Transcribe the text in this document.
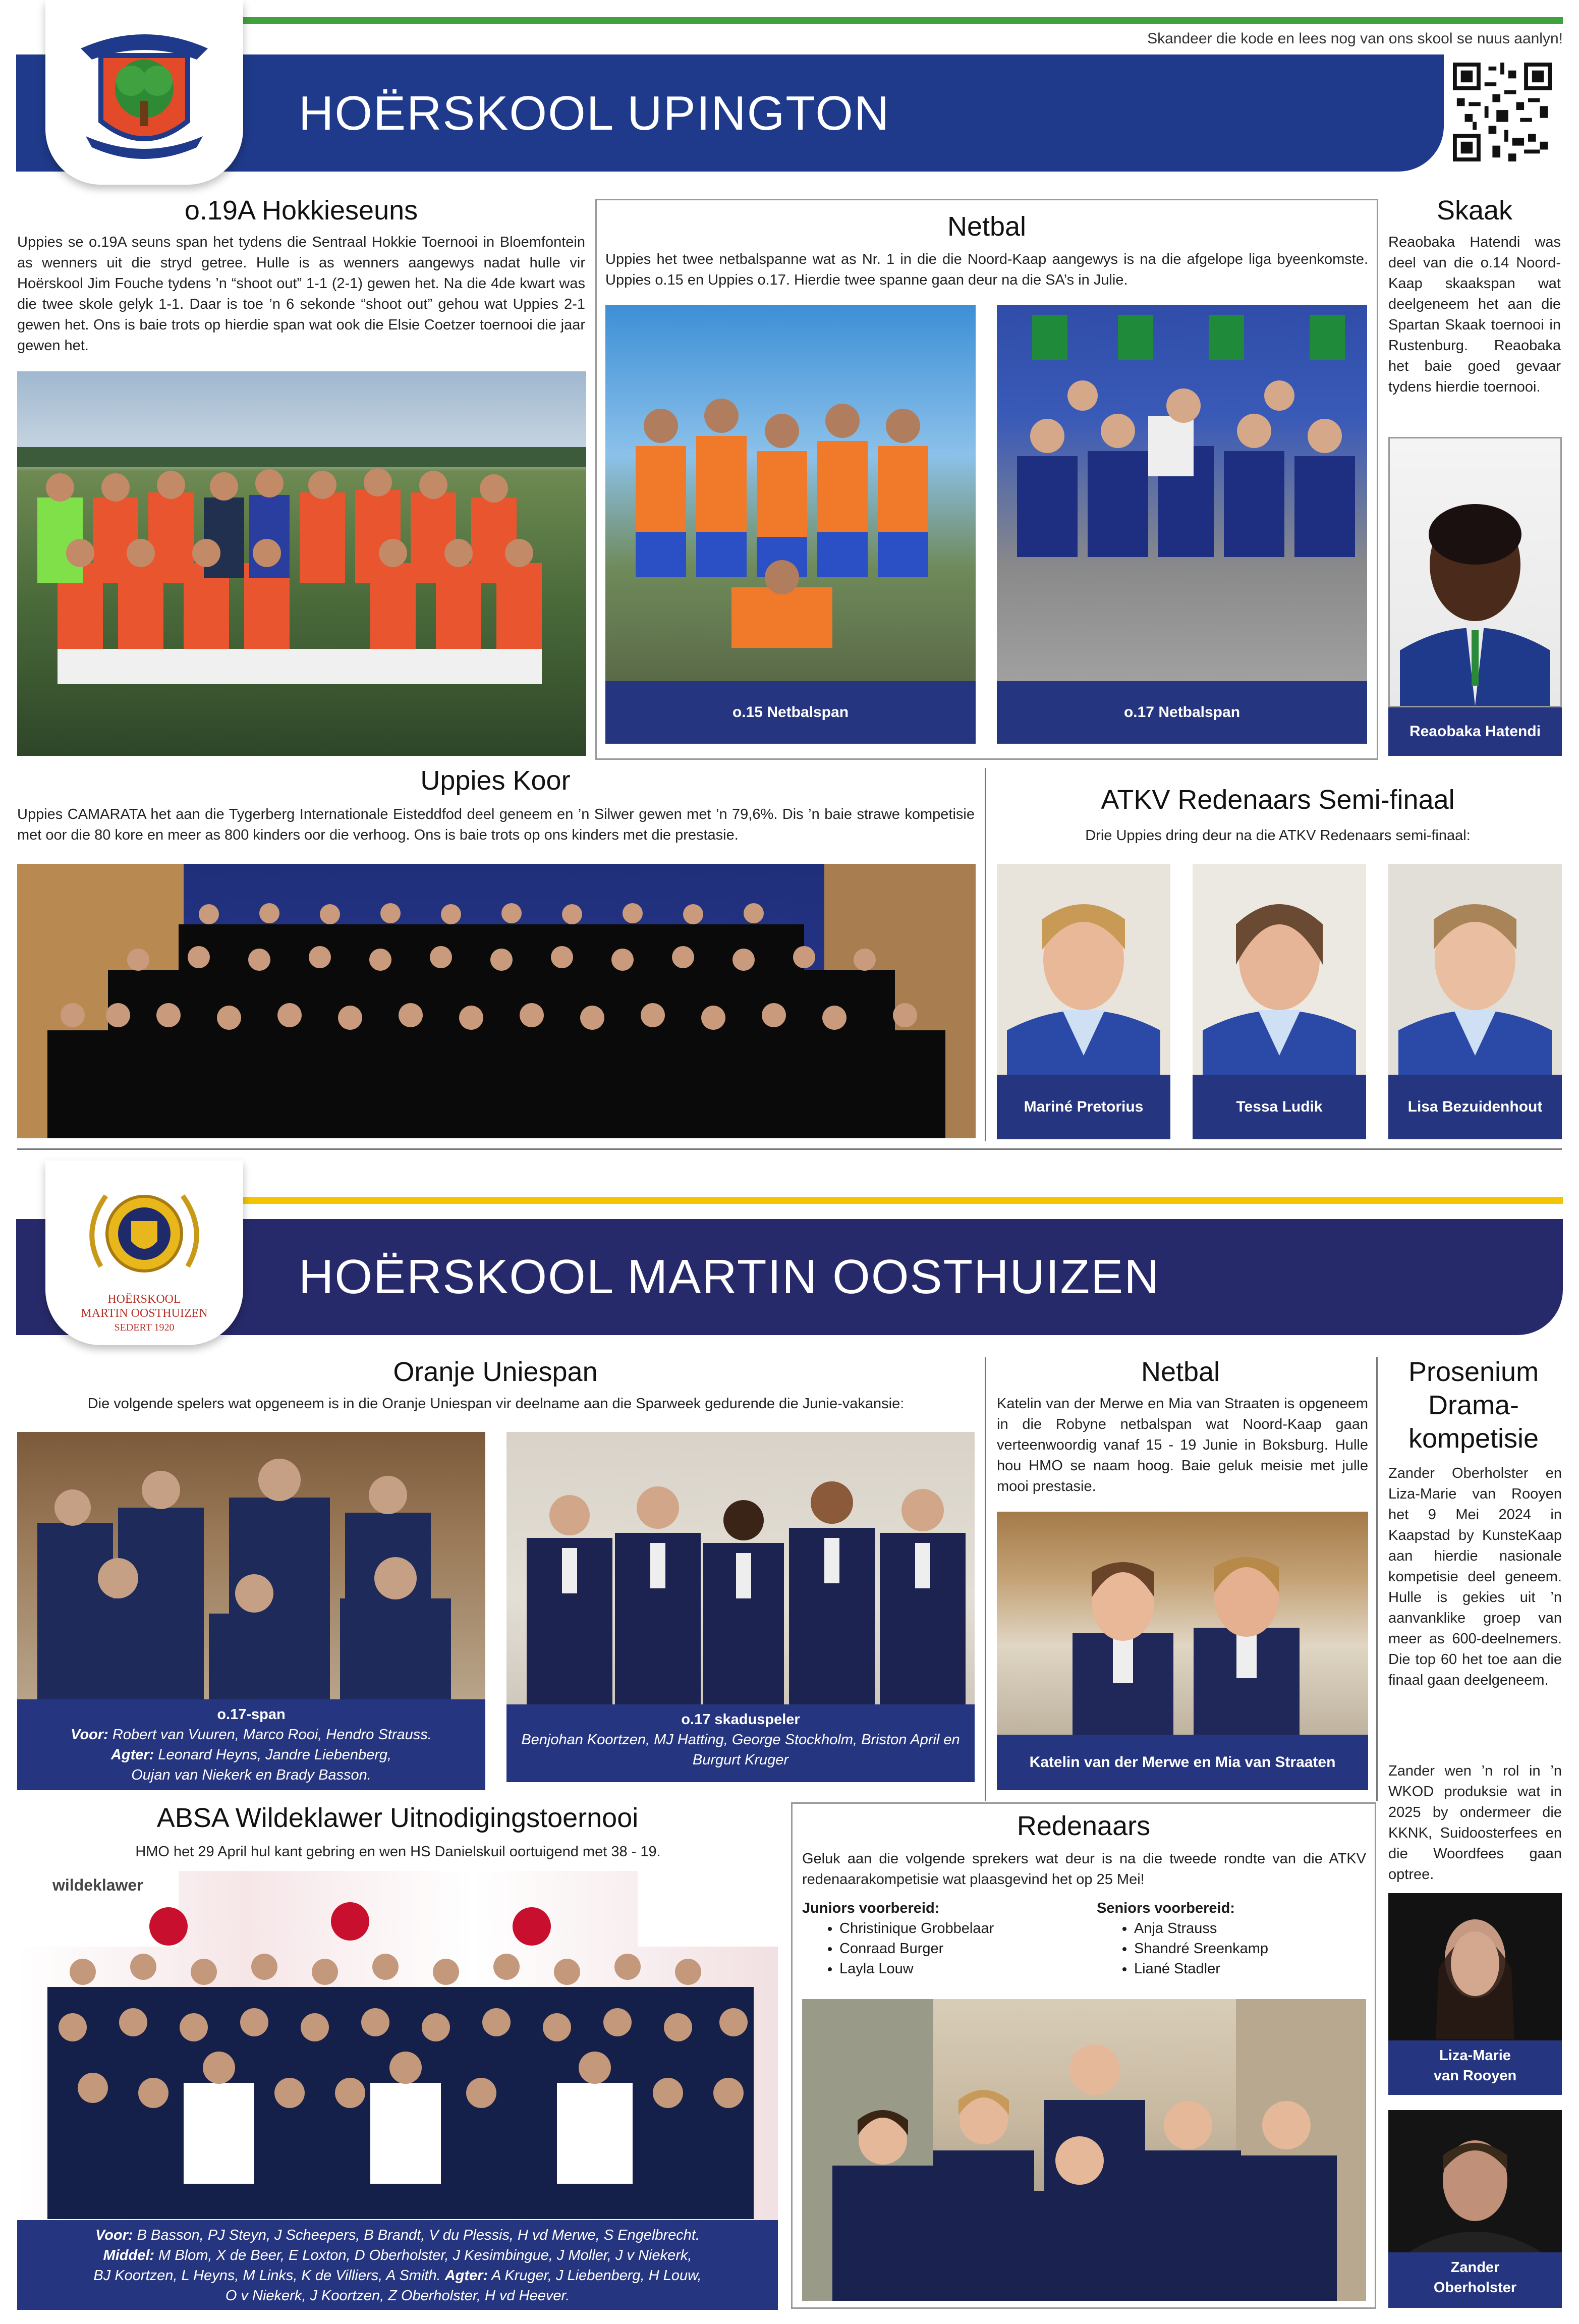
Skandeer die kode en lees nog van ons skool se nuus aanlyn!
HOËRSKOOL UPINGTON
o.19A Hokkieseuns
Uppies se o.19A seuns span het tydens die Sentraal Hokkie Toernooi in Bloemfontein as wenners uit die stryd getree. Hulle is as wenners aangewys nadat hulle vir Hoërskool Jim Fouche tydens ’n “shoot out” 1-1 (2-1) gewen het. Na die 4de kwart was die twee skole gelyk 1-1. Daar is toe ’n 6 sekonde “shoot out” gehou wat Uppies 2-1 gewen het. Ons is baie trots op hierdie span wat ook die Elsie Coetzer toernooi die jaar gewen het.
Netbal
Uppies het twee netbalspanne wat as Nr. 1 in die die Noord-Kaap aangewys is na die afgelope liga byeenkomste. Uppies o.15 en Uppies o.17. Hierdie twee spanne gaan deur na die SA’s in Julie.
o.15 Netbalspan	o.17 Netbalspan
Skaak
Reaobaka Hatendi was deel van die o.14 Noord-Kaap skaakspan wat deelgeneem het aan die Spartan Skaak toernooi in Rustenburg. Reaobaka het baie goed gevaar tydens hierdie toernooi.
Reaobaka Hatendi
Uppies Koor
Uppies CAMARATA het aan die Tygerberg Internationale Eisteddfod deel geneem en ’n Silwer gewen met ’n 79,6%. Dis ’n baie strawe kompetisie met oor die 80 kore en meer as 800 kinders oor die verhoog. Ons is baie trots op ons kinders met die prestasie.
ATKV Redenaars Semi-finaal
Drie Uppies dring deur na die ATKV Redenaars semi-finaal:
Mariné Pretorius	Tessa Ludik	Lisa Bezuidenhout
HOËRSKOOL MARTIN OOSTHUIZEN
HOËRSKOOL
MARTIN OOSTHUIZEN
SEDERT 1920
Oranje Uniespan
Die volgende spelers wat opgeneem is in die Oranje Uniespan vir deelname aan die Sparweek gedurende die Junie-vakansie:
o.17-span
Voor: Robert van Vuuren, Marco Rooi, Hendro Strauss.
Agter: Leonard Heyns, Jandre Liebenberg,
Oujan van Niekerk en Brady Basson.
o.17 skaduspeler
Benjohan Koortzen, MJ Hatting, George Stockholm, Briston April en Burgurt Kruger
Netbal
Katelin van der Merwe en Mia van Straaten is opgeneem in die Robyne netbalspan wat Noord-Kaap gaan verteenwoordig vanaf 15 - 19 Junie in Boksburg. Hulle hou HMO se naam hoog. Baie geluk meisie met julle mooi prestasie.
Katelin van der Merwe en Mia van Straaten
Prosenium
Drama-
kompetisie
Zander Oberholster en Liza-Marie van Rooyen het 9 Mei 2024 in Kaapstad by KunsteKaap aan hierdie nasionale kompetisie deel geneem. Hulle is gekies uit ’n aanvanklike groep van meer as 600-deelnemers. Die top 60 het toe aan die finaal gaan deelgeneem.
Zander wen ’n rol in ’n WKOD produksie wat in 2025 by ondermeer die KKNK, Suidoosterfees en die Woordfees gaan optree.
Liza-Marie
van Rooyen
Zander
Oberholster
ABSA Wildeklawer Uitnodigingstoernooi
HMO het 29 April hul kant gebring en wen HS Danielskuil oortuigend met 38 - 19.
wildeklawer
Voor: B Basson, PJ Steyn, J Scheepers, B Brandt, V du Plessis, H vd Merwe, S Engelbrecht.
Middel: M Blom, X de Beer, E Loxton, D Oberholster, J Kesimbingue, J Moller, J v Niekerk,
BJ Koortzen, L Heyns, M Links, K de Villiers, A Smith. Agter: A Kruger, J Liebenberg, H Louw,
O v Niekerk, J Koortzen, Z Oberholster, H vd Heever.
Redenaars
Geluk aan die volgende sprekers wat deur is na die tweede rondte van die ATKV redenaarakompetisie wat plaasgevind het op 25 Mei!
Juniors voorbereid:
• Christinique Grobbelaar
• Conraad Burger
• Layla Louw
Seniors voorbereid:
• Anja Strauss
• Shandré Sreenkamp
• Liané Stadler
